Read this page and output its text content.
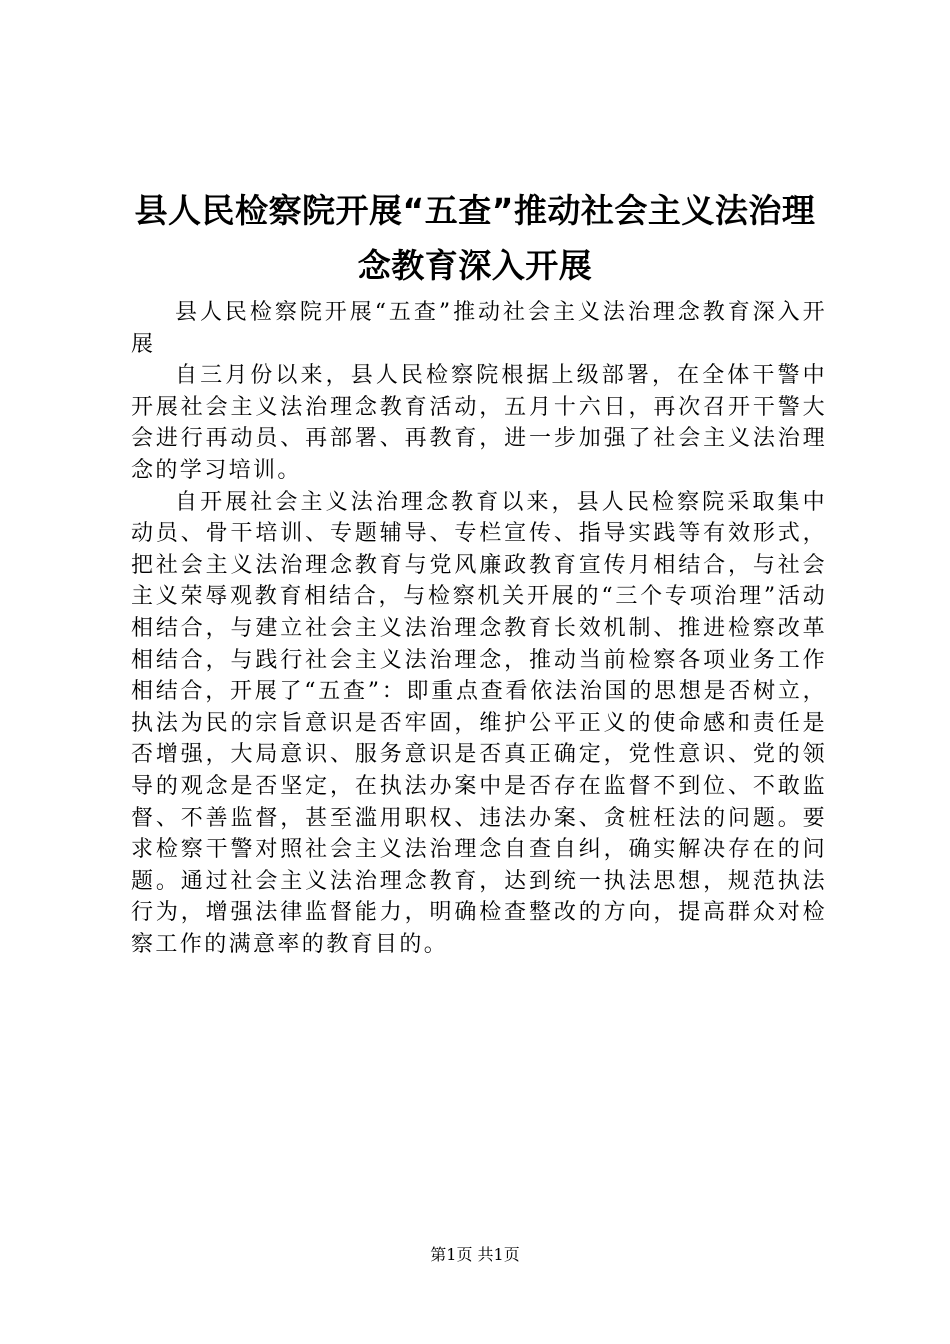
县人民检察院开展“五查”推动社会主义法治理念教育深入开展

县人民检察院开展“五查”推动社会主义法治理念教育深入开展

自三月份以来，县人民检察院根据上级部署，在全体干警中开展社会主义法治理念教育活动，五月十六日，再次召开干警大会进行再动员、再部署、再教育，进一步加强了社会主义法治理念的学习培训。

自开展社会主义法治理念教育以来，县人民检察院采取集中动员、骨干培训、专题辅导、专栏宣传、指导实践等有效形式，把社会主义法治理念教育与党风廉政教育宣传月相结合，与社会主义荣辱观教育相结合，与检察机关开展的“三个专项治理”活动相结合，与建立社会主义法治理念教育长效机制、推进检察改革相结合，与践行社会主义法治理念，推动当前检察各项业务工作相结合，开展了“五查”：即重点查看依法治国的思想是否树立，执法为民的宗旨意识是否牢固，维护公平正义的使命感和责任是否增强，大局意识、服务意识是否真正确定，党性意识、党的领导的观念是否坚定，在执法办案中是否存在监督不到位、不敢监督、不善监督，甚至滥用职权、违法办案、贪桩枉法的问题。要求检察干警对照社会主义法治理念自查自纠，确实解决存在的问题。通过社会主义法治理念教育，达到统一执法思想，规范执法行为，增强法律监督能力，明确检查整改的方向，提高群众对检察工作的满意率的教育目的。

第1页 共1页
